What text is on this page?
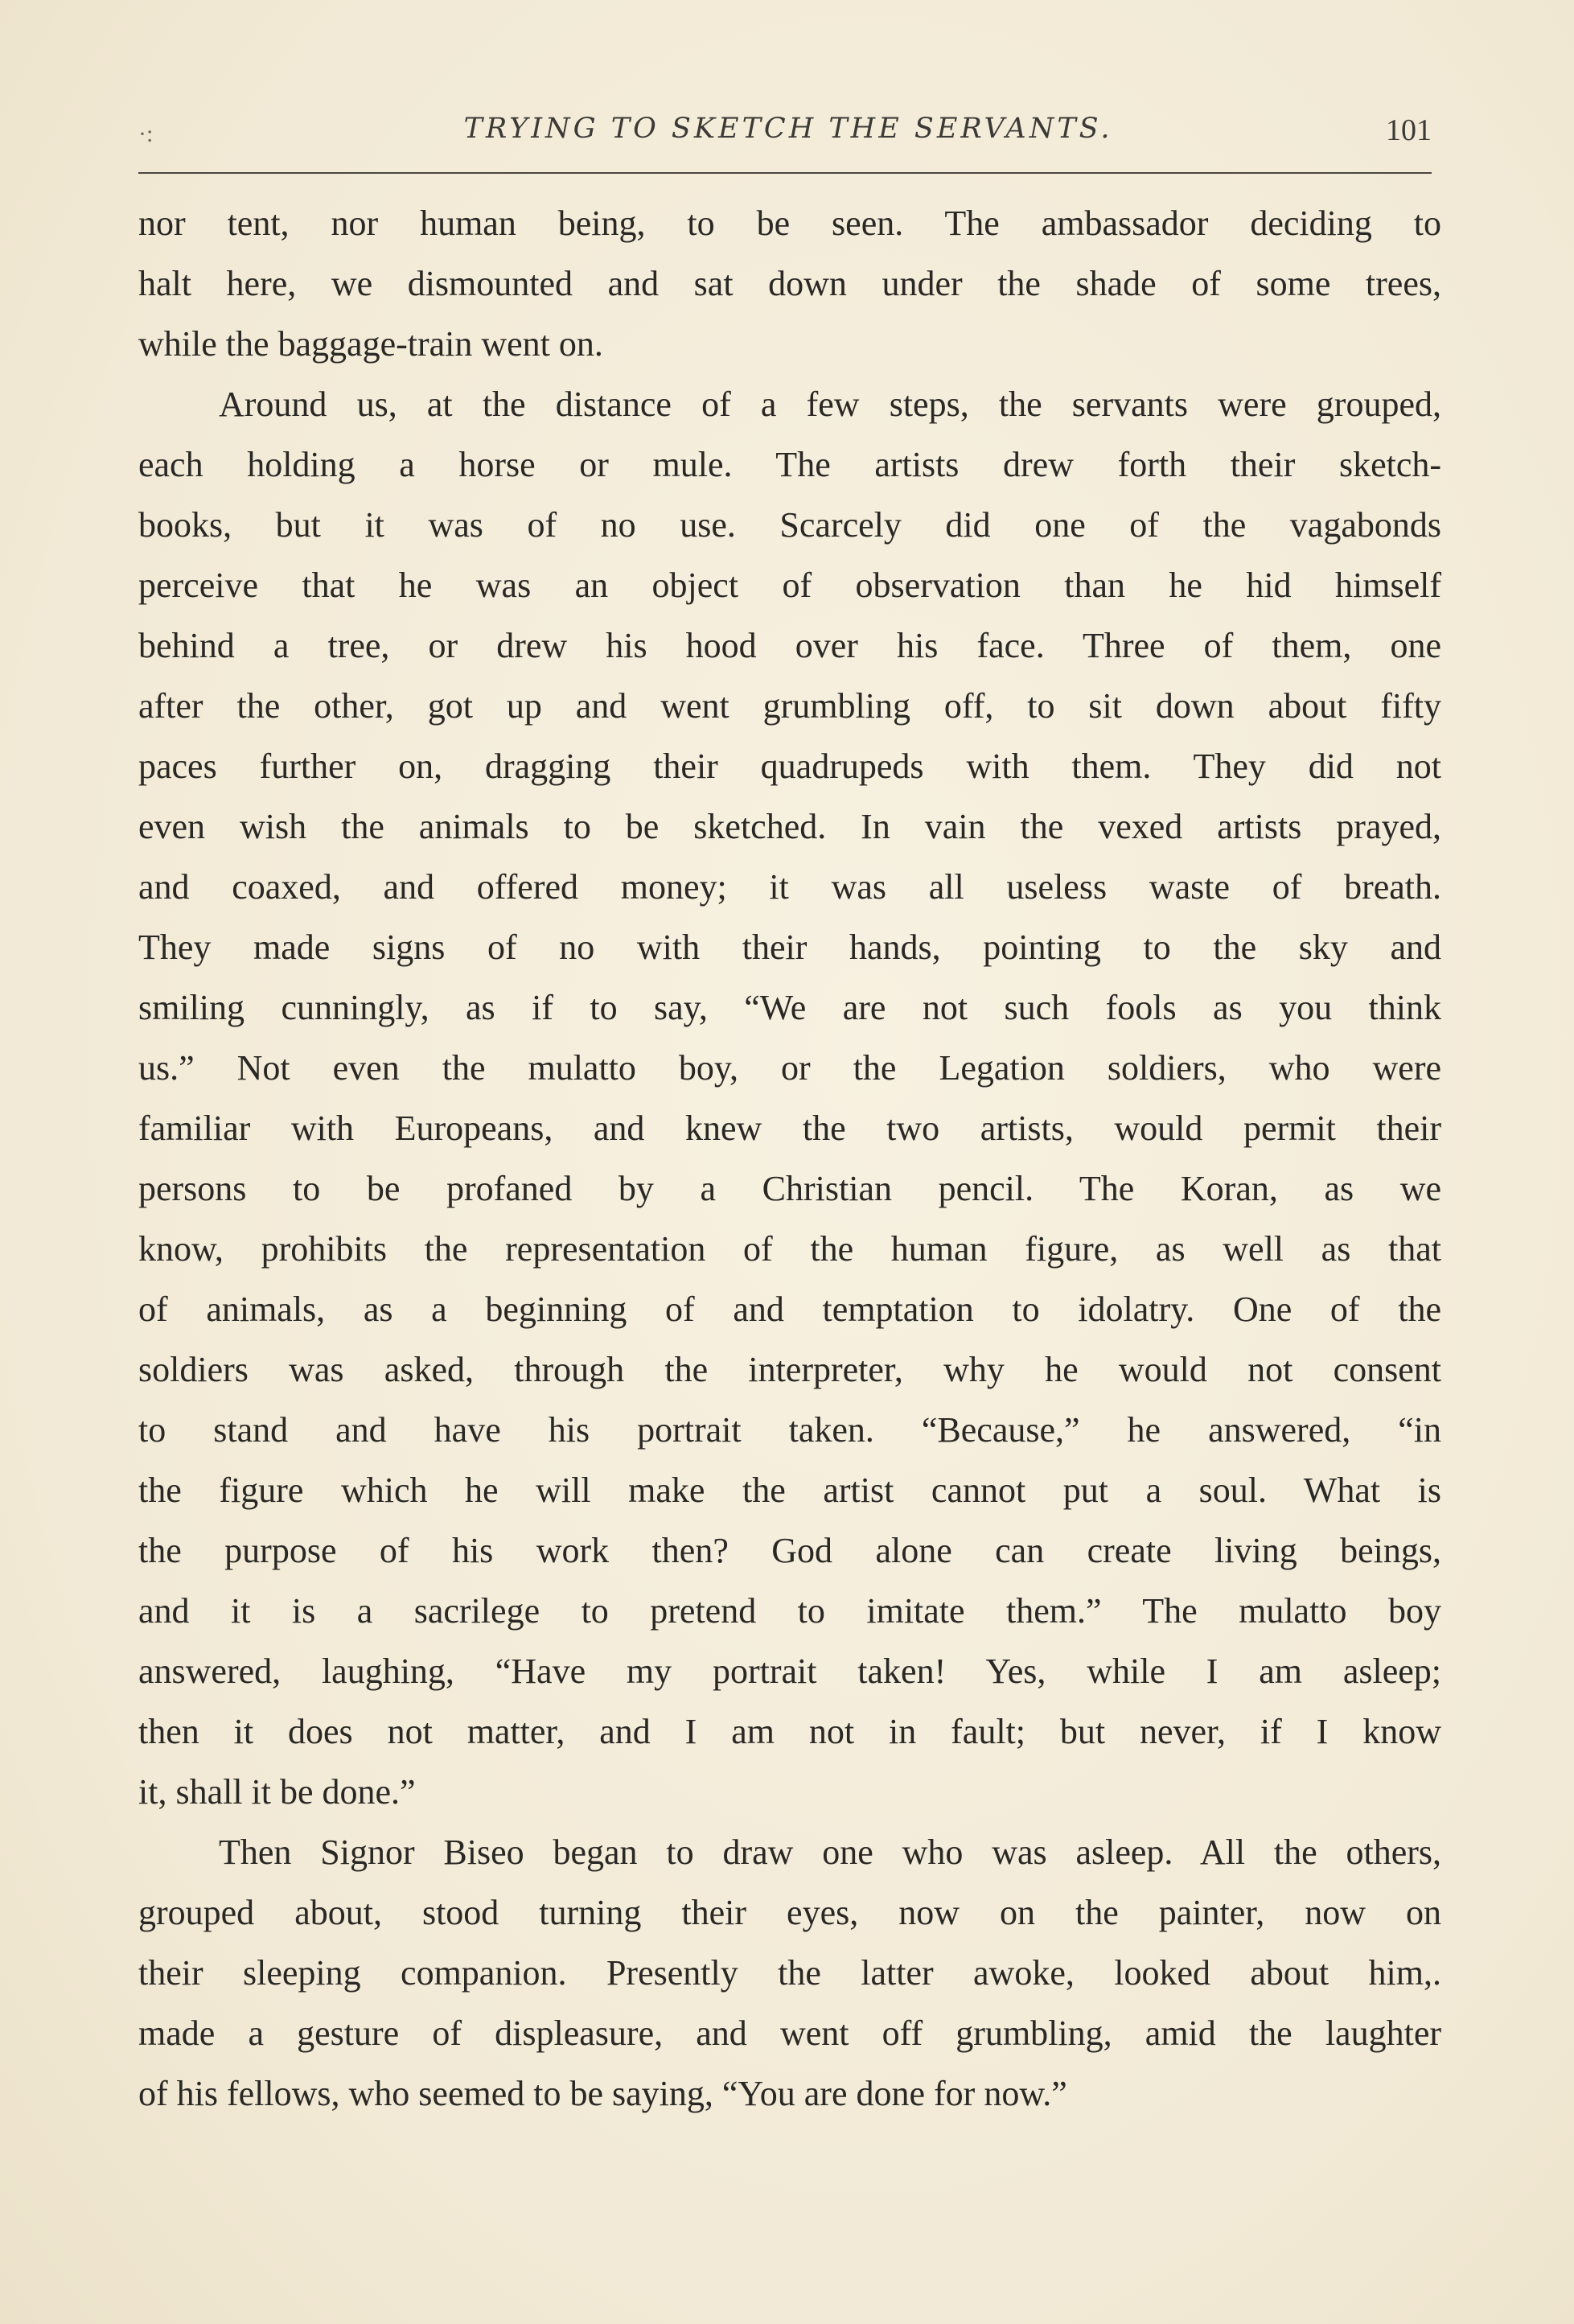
·:	TRYING TO SKETCH THE SERVANTS.	101
nor tent, nor human being, to be seen. The ambassador deciding to
halt here, we dismounted and sat down under the shade of some trees,
while the baggage-train went on.
Around us, at the distance of a few steps, the servants were grouped,
each holding a horse or mule. The artists drew forth their sketch-
books, but it was of no use. Scarcely did one of the vagabonds
perceive that he was an object of observation than he hid himself
behind a tree, or drew his hood over his face. Three of them, one
after the other, got up and went grumbling off, to sit down about fifty
paces further on, dragging their quadrupeds with them. They did not
even wish the animals to be sketched. In vain the vexed artists prayed,
and coaxed, and offered money; it was all useless waste of breath.
They made signs of no with their hands, pointing to the sky and
smiling cunningly, as if to say, “We are not such fools as you think
us.” Not even the mulatto boy, or the Legation soldiers, who were
familiar with Europeans, and knew the two artists, would permit their
persons to be profaned by a Christian pencil. The Koran, as we
know, prohibits the representation of the human figure, as well as that
of animals, as a beginning of and temptation to idolatry. One of the
soldiers was asked, through the interpreter, why he would not consent
to stand and have his portrait taken. “Because,” he answered, “in
the figure which he will make the artist cannot put a soul. What is
the purpose of his work then? God alone can create living beings,
and it is a sacrilege to pretend to imitate them.” The mulatto boy
answered, laughing, “Have my portrait taken! Yes, while I am asleep;
then it does not matter, and I am not in fault; but never, if I know
it, shall it be done.”
Then Signor Biseo began to draw one who was asleep. All the others,
grouped about, stood turning their eyes, now on the painter, now on
their sleeping companion. Presently the latter awoke, looked about him,.
made a gesture of displeasure, and went off grumbling, amid the laughter
of his fellows, who seemed to be saying, “You are done for now.”
